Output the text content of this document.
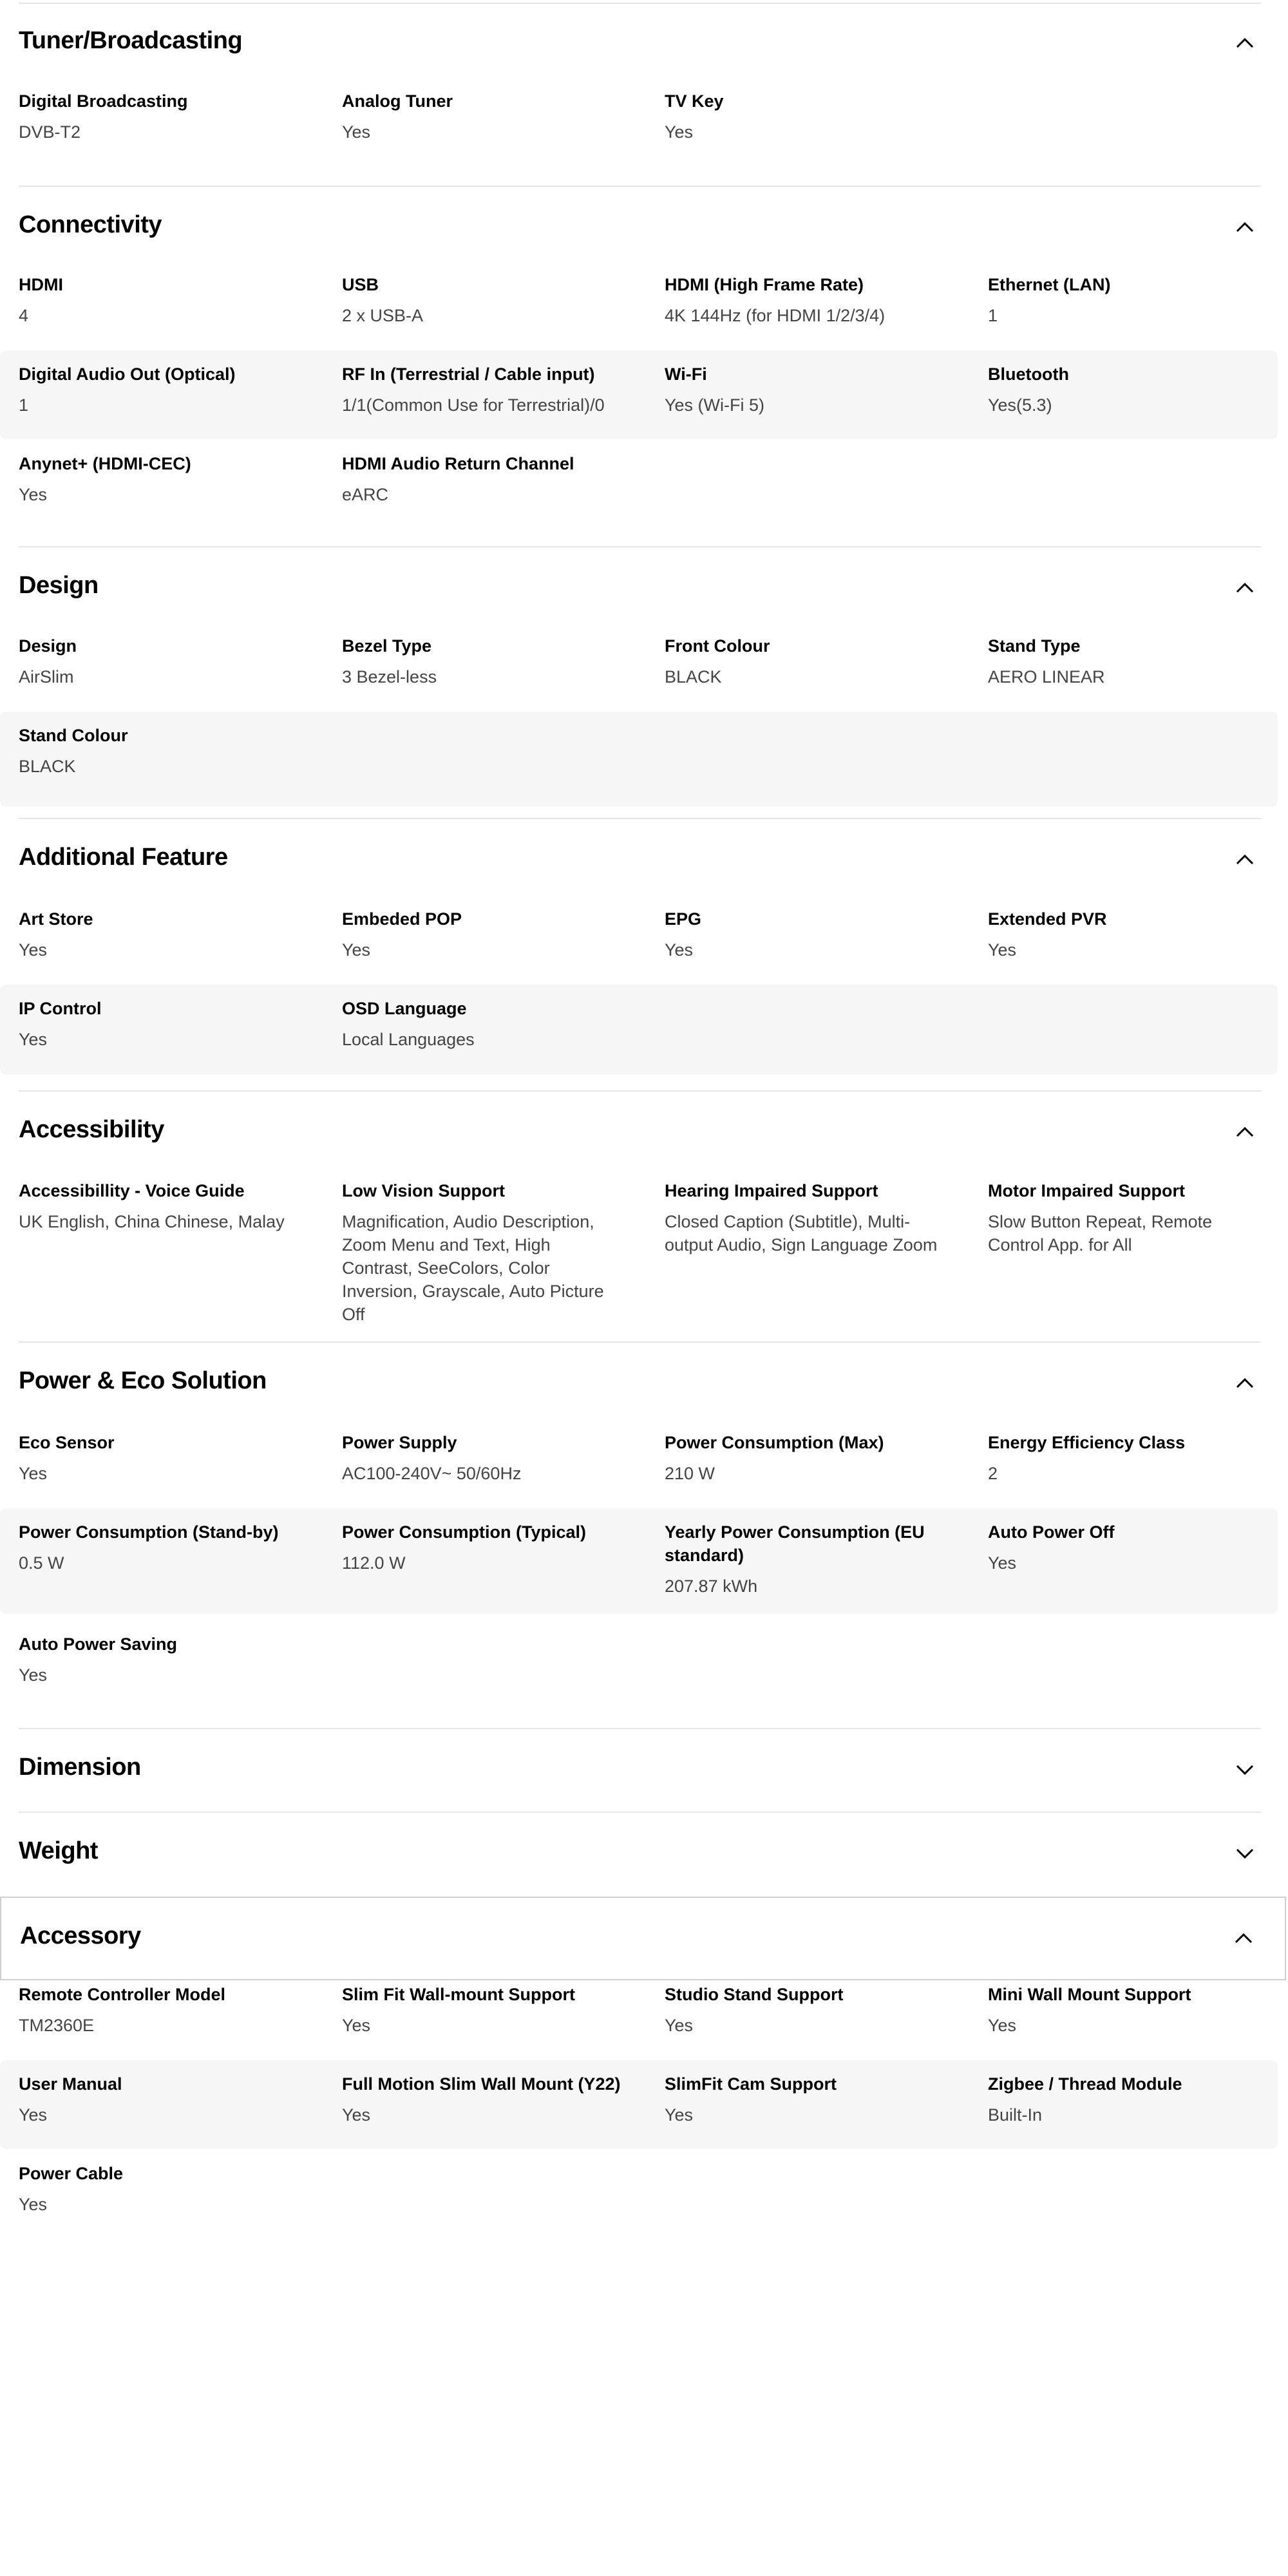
Tuner/Broadcasting
Digital Broadcasting
DVB-T2
Analog Tuner
Yes
TV Key
Yes
Connectivity
HDMI
4
USB
2 x USB-A
HDMI (High Frame Rate)
4K 144Hz (for HDMI 1/2/3/4)
Ethernet (LAN)
1
Digital Audio Out (Optical)
1
RF In (Terrestrial / Cable input)
1/1(Common Use for Terrestrial)/0
Wi-Fi
Yes (Wi-Fi 5)
Bluetooth
Yes(5.3)
Anynet+ (HDMI-CEC)
Yes
HDMI Audio Return Channel
eARC
Design
Design
AirSlim
Bezel Type
3 Bezel-less
Front Colour
BLACK
Stand Type
AERO LINEAR
Stand Colour
BLACK
Additional Feature
Art Store
Yes
Embeded POP
Yes
EPG
Yes
Extended PVR
Yes
IP Control
Yes
OSD Language
Local Languages
Accessibility
Accessibillity - Voice Guide
UK English, China Chinese, Malay
Low Vision Support
Magnification, Audio Description, Zoom Menu and Text, High Contrast, SeeColors, Color Inversion, Grayscale, Auto Picture Off
Hearing Impaired Support
Closed Caption (Subtitle), Multi-output Audio, Sign Language Zoom
Motor Impaired Support
Slow Button Repeat, Remote Control App. for All
Power & Eco Solution
Eco Sensor
Yes
Power Supply
AC100-240V~ 50/60Hz
Power Consumption (Max)
210 W
Energy Efficiency Class
2
Power Consumption (Stand-by)
0.5 W
Power Consumption (Typical)
112.0 W
Yearly Power Consumption (EU standard)
207.87 kWh
Auto Power Off
Yes
Auto Power Saving
Yes
Dimension
Weight
Accessory
Remote Controller Model
TM2360E
Slim Fit Wall-mount Support
Yes
Studio Stand Support
Yes
Mini Wall Mount Support
Yes
User Manual
Yes
Full Motion Slim Wall Mount (Y22)
Yes
SlimFit Cam Support
Yes
Zigbee / Thread Module
Built-In
Power Cable
Yes
